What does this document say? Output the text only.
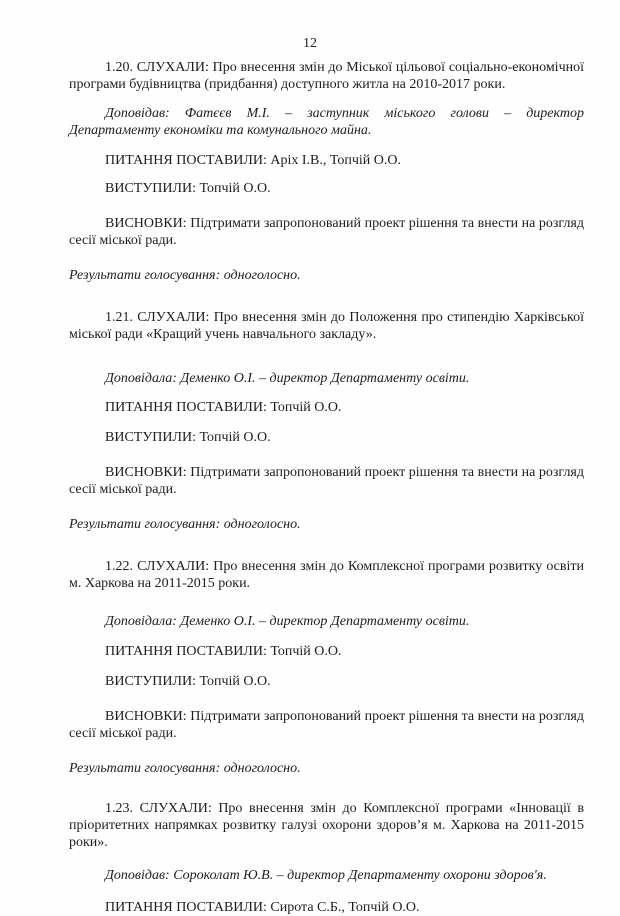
12

1.20. СЛУХАЛИ: Про внесення змін до Міської цільової соціально-економічної програми будівництва (придбання) доступного житла на 2010-2017 роки.

Доповідав: Фатєєв М.І. – заступник міського голови – директор Департаменту економіки та комунального майна.

ПИТАННЯ ПОСТАВИЛИ: Аріх І.В., Топчій О.О.

ВИСТУПИЛИ: Топчій О.О.

ВИСНОВКИ: Підтримати запропонований проект рішення та внести на розгляд сесії міської ради.

Результати голосування: одноголосно.

1.21. СЛУХАЛИ: Про внесення змін до Положення про стипендію Харківської міської ради «Кращий учень навчального закладу».

Доповідала: Деменко О.І. – директор Департаменту освіти.

ПИТАННЯ ПОСТАВИЛИ: Топчій О.О.

ВИСТУПИЛИ: Топчій О.О.

ВИСНОВКИ: Підтримати запропонований проект рішення та внести на розгляд сесії міської ради.

Результати голосування: одноголосно.

1.22. СЛУХАЛИ: Про внесення змін до Комплексної програми розвитку освіти м. Харкова на 2011-2015 роки.

Доповідала: Деменко О.І. – директор Департаменту освіти.

ПИТАННЯ ПОСТАВИЛИ: Топчій О.О.

ВИСТУПИЛИ: Топчій О.О.

ВИСНОВКИ: Підтримати запропонований проект рішення та внести на розгляд сесії міської ради.

Результати голосування: одноголосно.

1.23. СЛУХАЛИ: Про внесення змін до Комплексної програми «Інновації в пріоритетних напрямках розвитку галузі охорони здоров’я м. Харкова на 2011-2015 роки».

Доповідав: Сороколат Ю.В. – директор Департаменту охорони здоров'я.

ПИТАННЯ ПОСТАВИЛИ: Сирота С.Б., Топчій О.О.
